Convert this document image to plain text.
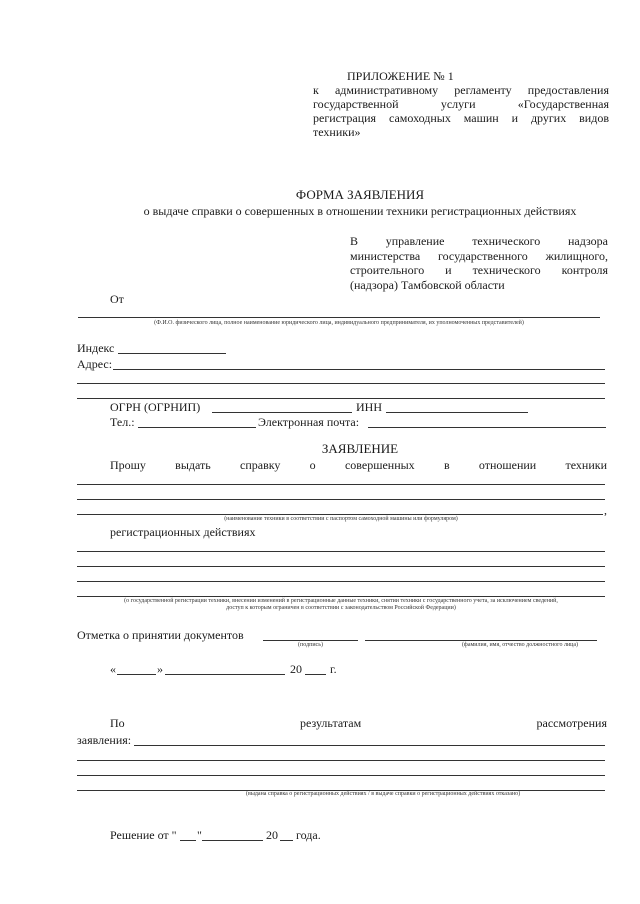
ПРИЛОЖЕНИЕ № 1
к административному регламенту предоставления
государственной услуги «Государственная
регистрация самоходных машин и других видов
техники»
ФОРМА ЗАЯВЛЕНИЯ
о выдаче справки о совершенных в отношении техники регистрационных действиях
В управление технического надзора
министерства государственного жилищного,
строительного и технического контроля
(надзора) Тамбовской области
От
(Ф.И.О. физического лица, полное наименование юридического лица, индивидуального предпринимателя, их уполномоченных представителей)
Индекс
Адрес:
ОГРН (ОГРНИП)	ИНН
Тел.:	Электронная почта:
ЗАЯВЛЕНИЕ
Прошу выдать справку о совершенных в отношении техники
,
(наименование техники в соответствии с паспортом самоходной машины или формуляром)
регистрационных действиях
(о государственной регистрации техники, внесении изменений в регистрационные данные техники, снятии техники с государственного учета, за исключением сведений,
доступ к которым ограничен в соответствии с законодательством Российской Федерации)
Отметка о принятии документов
(подпись)	(фамилия, имя, отчество должностного лица)
«	»	20 г.
По результатам рассмотрения
заявления:
(выдана справка о регистрационных действиях / в выдаче справки о регистрационных действиях отказано)
Решение от " "	20 года.
